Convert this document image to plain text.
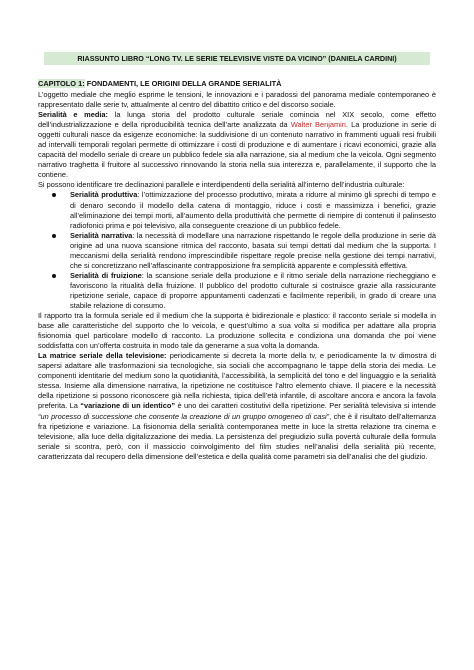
RIASSUNTO LIBRO “LONG TV. LE SERIE TELEVISIVE VISTE DA VICINO” (DANIELA CARDINI)
CAPITOLO 1: FONDAMENTI, LE ORIGINI DELLA GRANDE SERIALITÀ

L’oggetto mediale che meglio esprime le tensioni, le innovazioni e i paradossi del panorama mediale contemporaneo è rappresentato dalle serie tv, attualmente al centro del dibattito critico e del discorso sociale.

Serialità e media: la lunga storia del prodotto culturale seriale comincia nel XIX secolo, come effetto dell’industrializzazione e della riproducibilità tecnica dell’arte analizzata da Walter Benjamin. La produzione in serie di oggetti culturali nasce da esigenze economiche: la suddivisione di un contenuto narrativo in frammenti uguali resi fruibili ad intervalli temporali regolari permette di ottimizzare i costi di produzione e di aumentare i ricavi economici, grazie alla capacità del modello seriale di creare un pubblico fedele sia alla narrazione, sia al medium che la veicola. Ogni segmento narrativo traghetta il fruitore al successivo rinnovando la storia nella sua interezza e, parallelamente, il supporto che la contiene.

Si possono identificare tre declinazioni parallele e interdipendenti della serialità all’interno dell’industria culturale:

Serialità produttiva: l’ottimizzazione del processo produttivo, mirata a ridurre al minimo gli sprechi di tempo e di denaro secondo il modello della catena di montaggio, riduce i costi e massimizza i benefici, grazie all’eliminazione dei tempi morti, all’aumento della produttività che permette di riempire di contenuti il palinsesto radiofonici prima e poi televisivo, alla conseguente creazione di un pubblico fedele.

Serialità narrativa: la necessità di modellare una narrazione rispettando le regole della produzione in serie dà origine ad una nuova scansione ritmica del racconto, basata sui tempi dettati dal medium che la supporta. I meccanismi della serialità rendono imprescindibile rispettare regole precise nella gestione dei tempi narrativi, che si concretizzano nell’affascinante contrapposizione fra semplicità apparente e complessità effettiva.

Serialità di fruizione: la scansione seriale della produzione e il ritmo seriale della narrazione riecheggiano e favoriscono la ritualità della fruizione. Il pubblico del prodotto culturale si costruisce grazie alla rassicurante ripetizione seriale, capace di proporre appuntamenti cadenzati e facilmente reperibili, in grado di creare una stabile relazione di consumo.

Il rapporto tra la formula seriale ed il medium che la supporta è bidirezionale e plastico: il racconto seriale si modella in base alle caratteristiche del supporto che lo veicola, e quest’ultimo a sua volta si modifica per adattare alla propria fisionomia quel particolare modello di racconto. La produzione sollecita e condiziona una domanda che poi viene soddisfatta con un’offerta costruita in modo tale da generarne a sua volta la domanda.

La matrice seriale della televisione: periodicamente si decreta la morte della tv, e periodicamente la tv dimostra di sapersi adattare alle trasformazioni sia tecnologiche, sia sociali che accompagnano le tappe della storia dei media. Le componenti identitarie del medium sono la quotidianità, l’accessibilità, la semplicità del tono e del linguaggio e la serialità stessa. Insieme alla dimensione narrativa, la ripetizione ne costituisce l’altro elemento chiave. Il piacere e la necessità della ripetizione si possono riconoscere già nella richiesta, tipica dell’età infantile, di ascoltare ancora e ancora la favola preferita. La “variazione di un identico” è uno dei caratteri costitutivi della ripetizione. Per serialità televisiva si intende “un processo di successione che consente la creazione di un gruppo omogeneo di casi”, che è il risultato dell’alternanza fra ripetizione e variazione. La fisionomia della serialità contemporanea mette in luce la stretta relazione tra cinema e televisione, alla luce della digitalizzazione dei media. La persistenza del pregiudizio sulla povertà culturale della formula seriale si scontra, però, con il massiccio coinvolgimento del film studies nell’analisi della serialità più recente, caratterizzata dal recupero della dimensione dell’estetica e della qualità come parametri sia dell’analisi che del giudizio.
